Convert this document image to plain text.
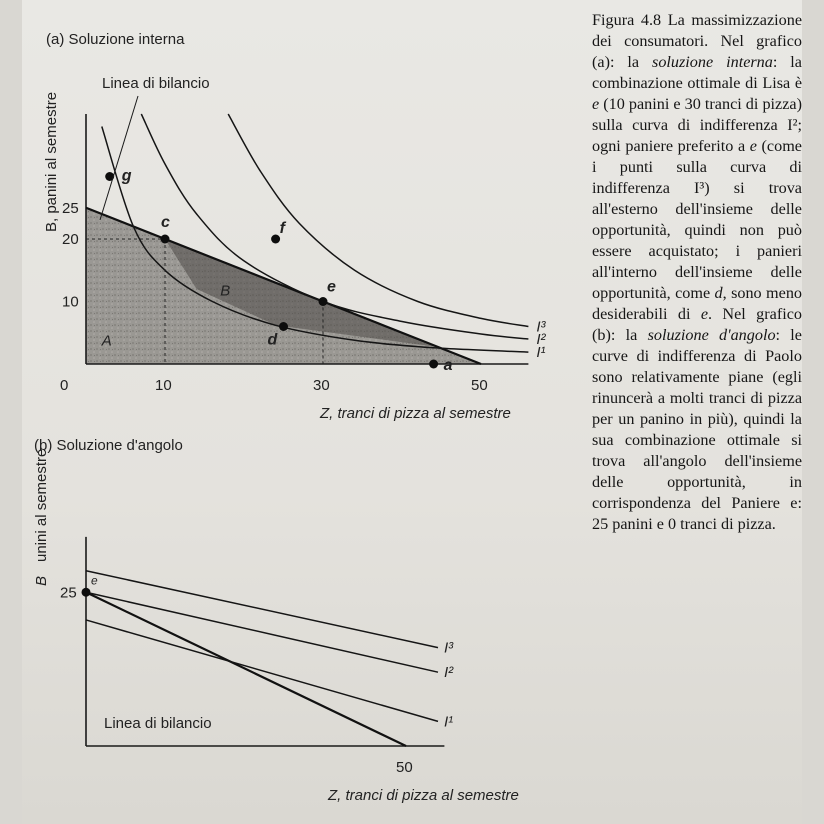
I¹
I²
I³
g
c	f
e
d
a
A
B
0	10	30	50
10
20
25
(a) Soluzione interna
Linea di bilancio
Z, tranci di pizza al semestre
B, panini al semestre
I¹
I²
I³
e
50
25
(b) Soluzione d'angolo
Linea di bilancio
Z, tranci di pizza al semestre
B
unini al semestre

Figura 4.8 La massimizzazione dei consumatori. Nel grafico (a): la soluzione interna: la combinazione ottimale di Lisa è e (10 panini e 30 tranci di pizza) sulla curva di indifferenza I²; ogni paniere preferito a e (come i punti sulla curva di indifferenza I³) si trova all'esterno dell'insieme delle opportunità, quindi non può essere acquistato; i panieri all'interno dell'insieme delle opportunità, come d, sono meno desiderabili di e. Nel grafico (b): la soluzione d'angolo: le curve di indifferenza di Paolo sono relativamente piane (egli rinuncerà a molti tranci di pizza per un panino in più), quindi la sua combinazione ottimale si trova all'angolo dell'insieme delle opportunità, in corrispondenza del Paniere e: 25 panini e 0 tranci di pizza.
